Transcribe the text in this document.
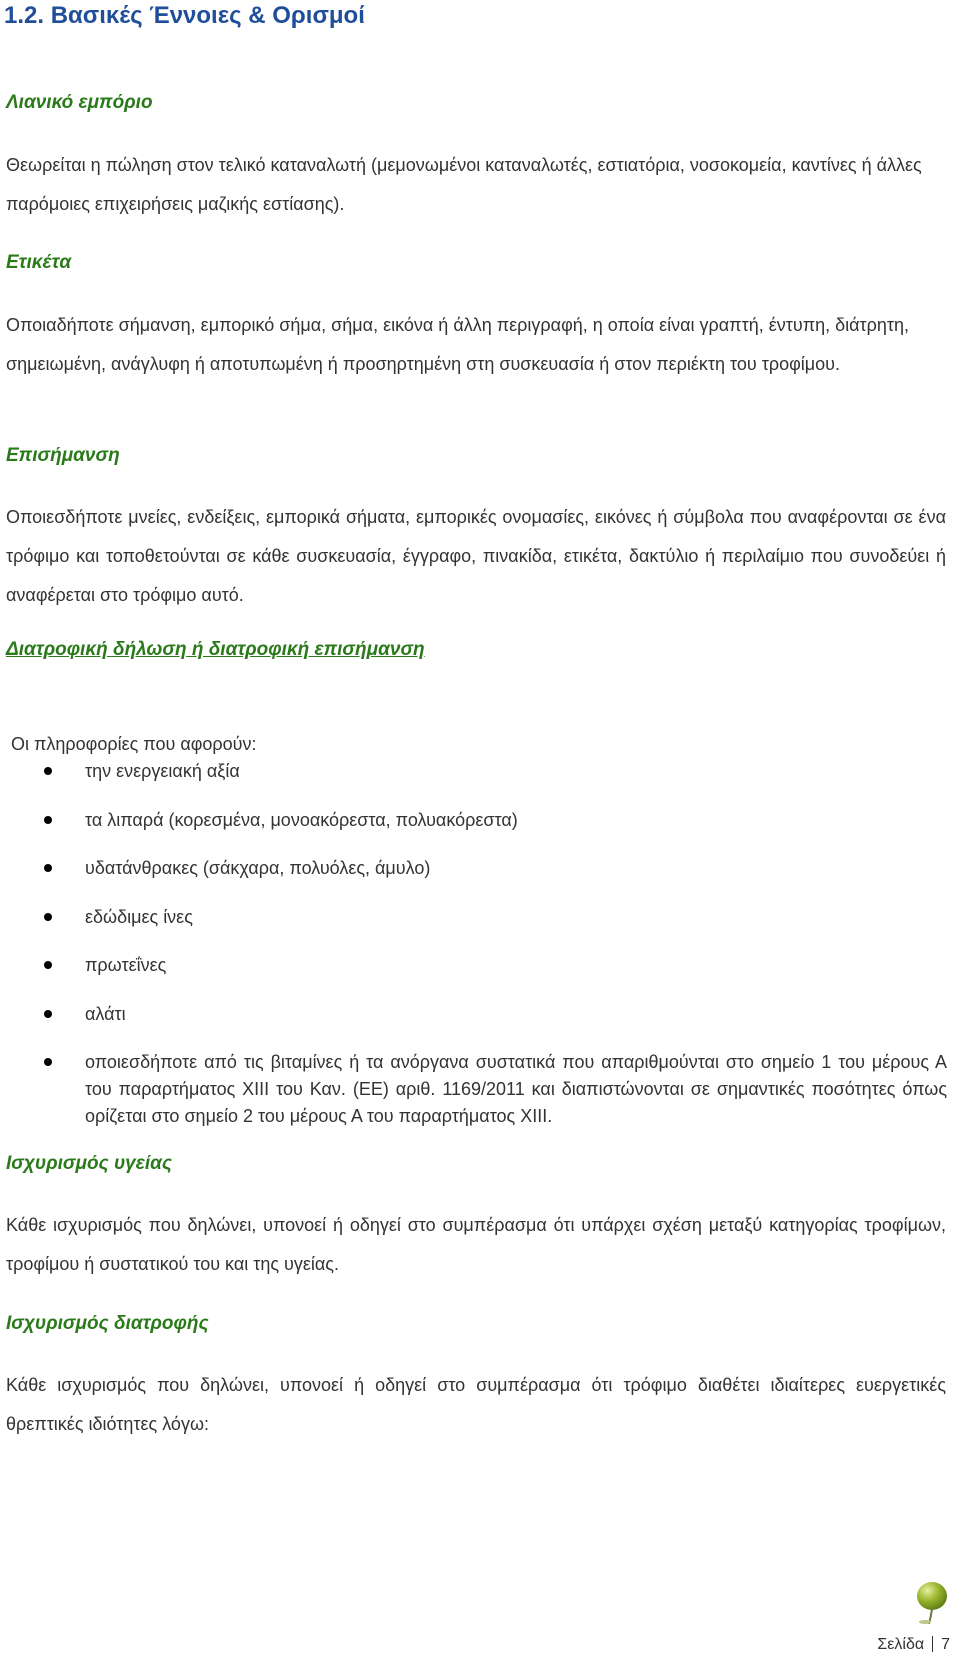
1.2. Βασικές Έννοιες & Ορισμοί
Λιανικό εμπόριο

Θεωρείται η πώληση στον τελικό καταναλωτή (μεμονωμένοι καταναλωτές, εστιατόρια, νοσοκομεία, καντίνες ή άλλες παρόμοιες επιχειρήσεις μαζικής εστίασης).

Ετικέτα

Οποιαδήποτε σήμανση, εμπορικό σήμα, σήμα, εικόνα ή άλλη περιγραφή, η οποία είναι γραπτή, έντυπη, διάτρητη, σημειωμένη, ανάγλυφη ή αποτυπωμένη ή προσηρτημένη στη συσκευασία ή στον περιέκτη του τροφίμου.

Επισήμανση

Οποιεσδήποτε μνείες, ενδείξεις, εμπορικά σήματα, εμπορικές ονομασίες, εικόνες ή σύμβολα που αναφέρονται σε ένα τρόφιμο και τοποθετούνται σε κάθε συσκευασία, έγγραφο, πινακίδα, ετικέτα, δακτύλιο ή περιλαίμιο που συνοδεύει ή αναφέρεται στο τρόφιμο αυτό.

Διατροφική δήλωση ή διατροφική επισήμανση

Οι πληροφορίες που αφορούν:

την ενεργειακή αξία
τα λιπαρά (κορεσμένα, μονοακόρεστα, πολυακόρεστα)
υδατάνθρακες (σάκχαρα, πολυόλες, άμυλο)
εδώδιμες ίνες
πρωτεΐνες
αλάτι
οποιεσδήποτε από τις βιταμίνες ή τα ανόργανα συστατικά που απαριθμούνται στο σημείο 1 του μέρους Α του παραρτήματος XIII του Καν. (ΕΕ) αριθ. 1169/2011 και διαπιστώνονται σε σημαντικές ποσότητες όπως ορίζεται στο σημείο 2 του μέρους Α του παραρτήματος XIII.
Ισχυρισμός υγείας

Κάθε ισχυρισμός που δηλώνει, υπονοεί ή οδηγεί στο συμπέρασμα ότι υπάρχει σχέση μεταξύ κατηγορίας τροφίμων, τροφίμου ή συστατικού του και της υγείας.

Ισχυρισμός διατροφής

Κάθε ισχυρισμός που δηλώνει, υπονοεί ή οδηγεί στο συμπέρασμα ότι τρόφιμο διαθέτει ιδιαίτερες ευεργετικές θρεπτικές ιδιότητες λόγω:

Σελίδα 7
